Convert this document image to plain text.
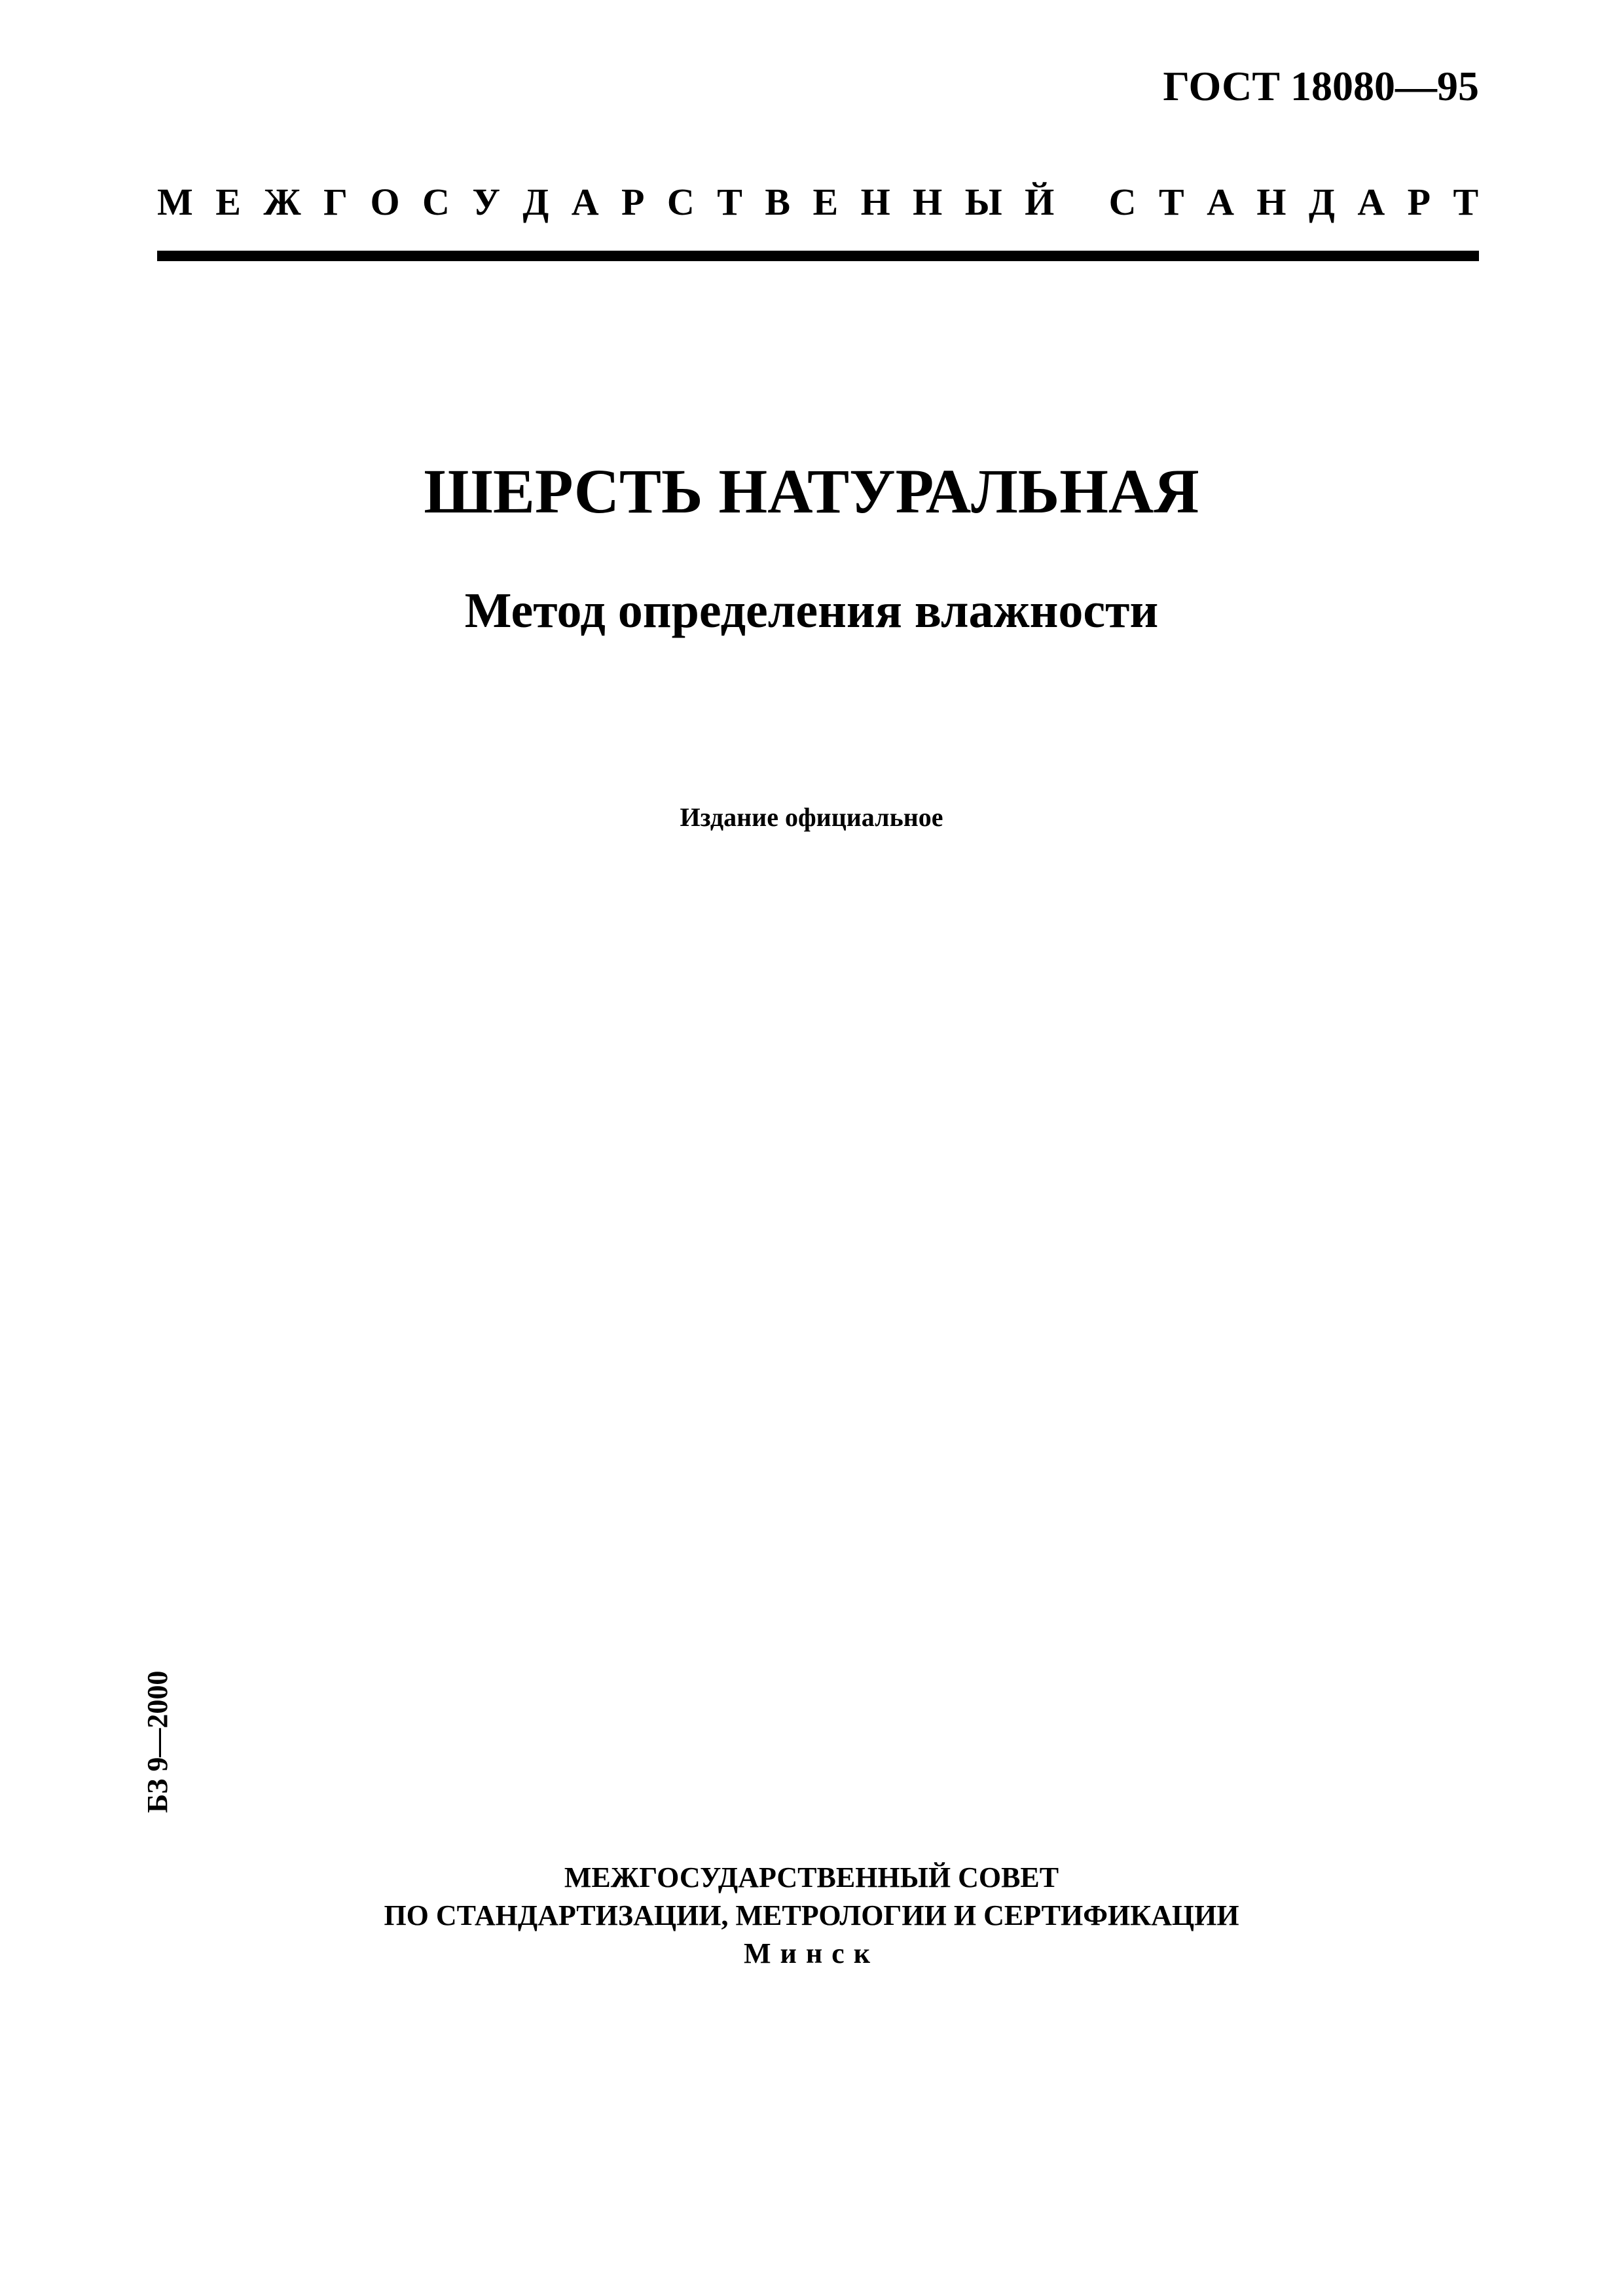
ГОСТ 18080—95
М
Е
Ж
Г
О
С
У
Д
А
Р
С
Т
В
Е
Н
Н
Ы
Й

С
Т
А
Н
Д
А
Р
Т
ШЕРСТЬ НАТУРАЛЬНАЯ
Метод определения влажности
Издание официальное
БЗ 9—2000
МЕЖГОСУДАРСТВЕННЫЙ СОВЕТ
ПО СТАНДАРТИЗАЦИИ, МЕТРОЛОГИИ И СЕРТИФИКАЦИИ
Минск
